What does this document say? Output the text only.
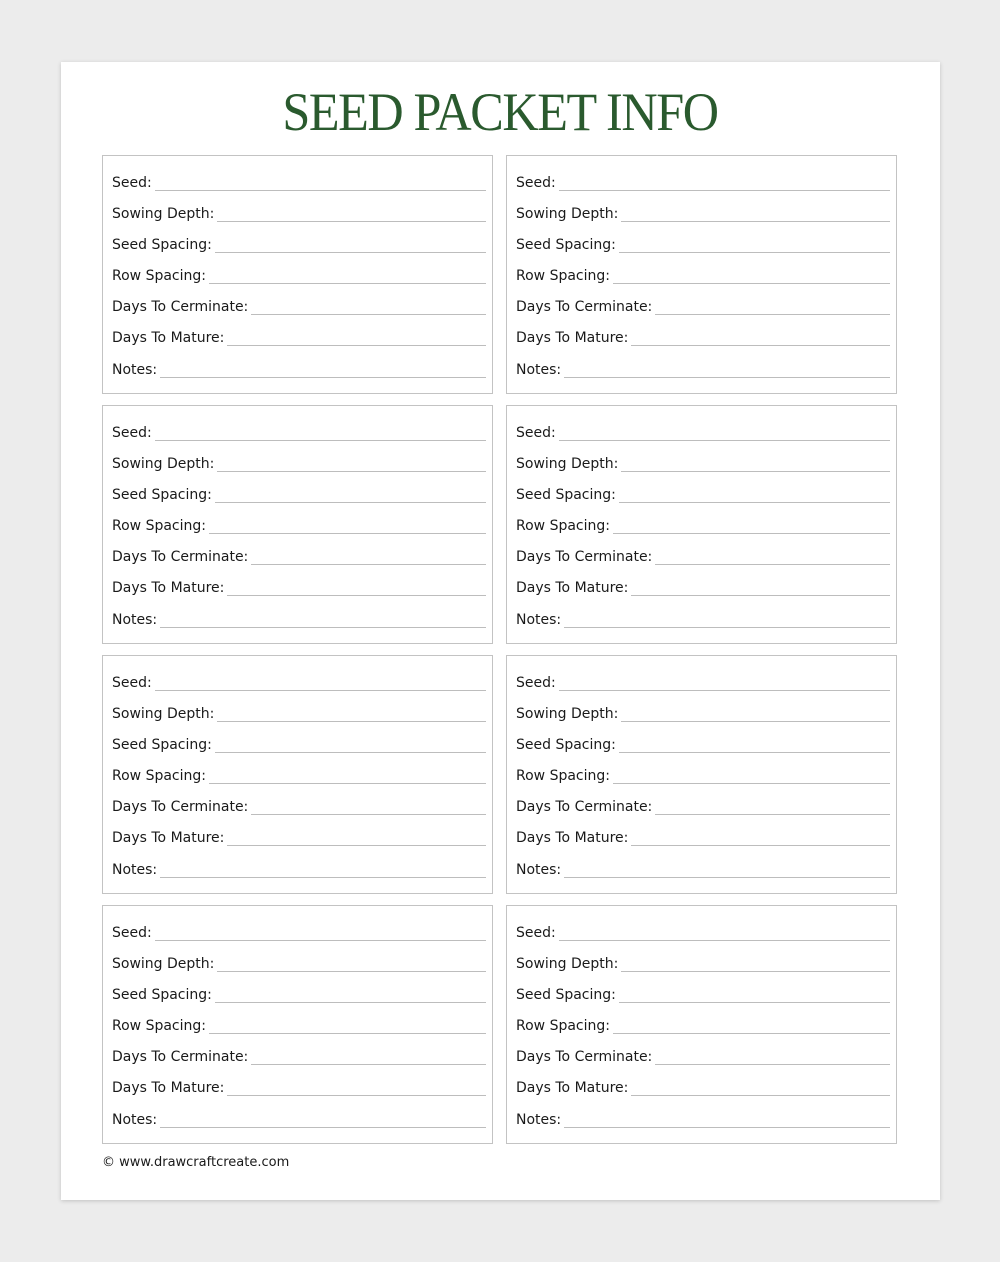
SEED PACKET INFO
Seed:
Sowing Depth:
Seed Spacing:
Row Spacing:
Days To Cerminate:
Days To Mature:
Notes:
Seed:
Sowing Depth:
Seed Spacing:
Row Spacing:
Days To Cerminate:
Days To Mature:
Notes:
Seed:
Sowing Depth:
Seed Spacing:
Row Spacing:
Days To Cerminate:
Days To Mature:
Notes:
Seed:
Sowing Depth:
Seed Spacing:
Row Spacing:
Days To Cerminate:
Days To Mature:
Notes:
Seed:
Sowing Depth:
Seed Spacing:
Row Spacing:
Days To Cerminate:
Days To Mature:
Notes:
Seed:
Sowing Depth:
Seed Spacing:
Row Spacing:
Days To Cerminate:
Days To Mature:
Notes:
Seed:
Sowing Depth:
Seed Spacing:
Row Spacing:
Days To Cerminate:
Days To Mature:
Notes:
Seed:
Sowing Depth:
Seed Spacing:
Row Spacing:
Days To Cerminate:
Days To Mature:
Notes:
© www.drawcraftcreate.com
